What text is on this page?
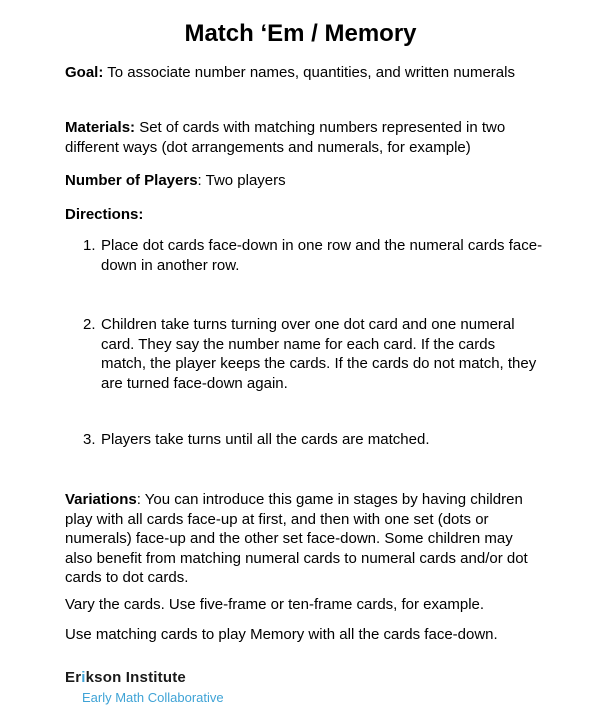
Match ‘Em / Memory

Goal: To associate number names, quantities, and written numerals

Materials: Set of cards with matching numbers represented in two different ways (dot arrangements and numerals, for example)

Number of Players: Two players

Directions:

1. Place dot cards face-down in one row and the numeral cards face-down in another row.
2. Children take turns turning over one dot card and one numeral card. They say the number name for each card. If the cards match, the player keeps the cards. If the cards do not match, they are turned face-down again.
3. Players take turns until all the cards are matched.

Variations: You can introduce this game in stages by having children play with all cards face-up at first, and then with one set (dots or numerals) face-up and the other set face-down. Some children may also benefit from matching numeral cards to numeral cards and/or dot cards to dot cards.

Vary the cards. Use five-frame or ten-frame cards, for example.

Use matching cards to play Memory with all the cards face-down.

Erikson Institute
Early Math Collaborative
